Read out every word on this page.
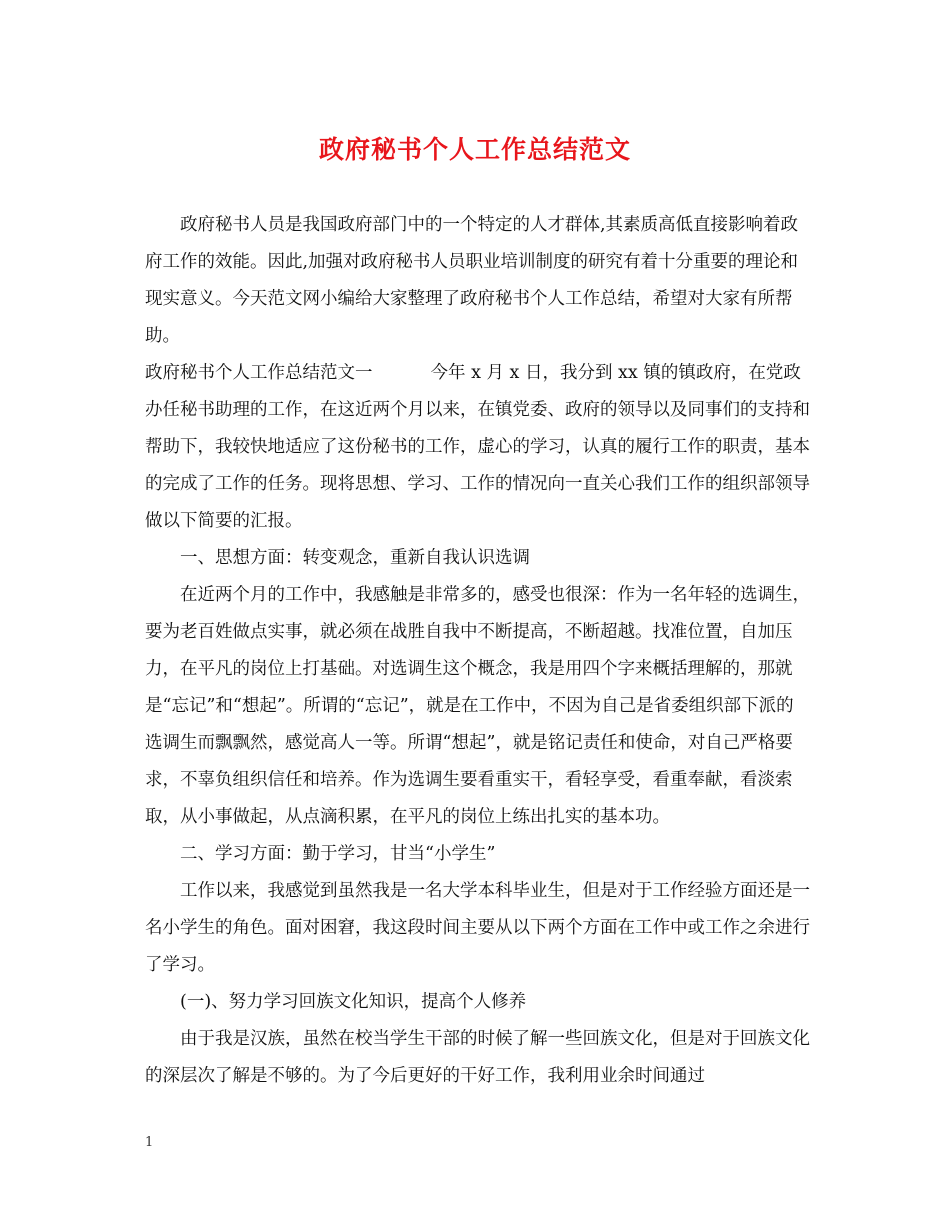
政府秘书个人工作总结范文

政府秘书人员是我国政府部门中的一个特定的人才群体,其素质高低直接影响着政府工作的效能。因此,加强对政府秘书人员职业培训制度的研究有着十分重要的理论和现实意义。今天范文网小编给大家整理了政府秘书个人工作总结，希望对大家有所帮助。

政府秘书个人工作总结范文一	今年 x 月 x 日，我分到 xx 镇的镇政府，在党政办任秘书助理的工作，在这近两个月以来，在镇党委、政府的领导以及同事们的支持和帮助下，我较快地适应了这份秘书的工作，虚心的学习，认真的履行工作的职责，基本的完成了工作的任务。现将思想、学习、工作的情况向一直关心我们工作的组织部领导做以下简要的汇报。

一、思想方面：转变观念，重新自我认识选调

在近两个月的工作中，我感触是非常多的，感受也很深：作为一名年轻的选调生，要为老百姓做点实事，就必须在战胜自我中不断提高，不断超越。找准位置，自加压力，在平凡的岗位上打基础。对选调生这个概念，我是用四个字来概括理解的，那就是“忘记”和“想起”。所谓的“忘记”，就是在工作中，不因为自己是省委组织部下派的选调生而飘飘然，感觉高人一等。所谓“想起”，就是铭记责任和使命，对自己严格要求，不辜负组织信任和培养。作为选调生要看重实干，看轻享受，看重奉献，看淡索取，从小事做起，从点滴积累，在平凡的岗位上练出扎实的基本功。

二、学习方面：勤于学习，甘当“小学生”

工作以来，我感觉到虽然我是一名大学本科毕业生，但是对于工作经验方面还是一名小学生的角色。面对困窘，我这段时间主要从以下两个方面在工作中或工作之余进行了学习。

(一)、努力学习回族文化知识，提高个人修养

由于我是汉族，虽然在校当学生干部的时候了解一些回族文化，但是对于回族文化的深层次了解是不够的。为了今后更好的干好工作，我利用业余时间通过

1
